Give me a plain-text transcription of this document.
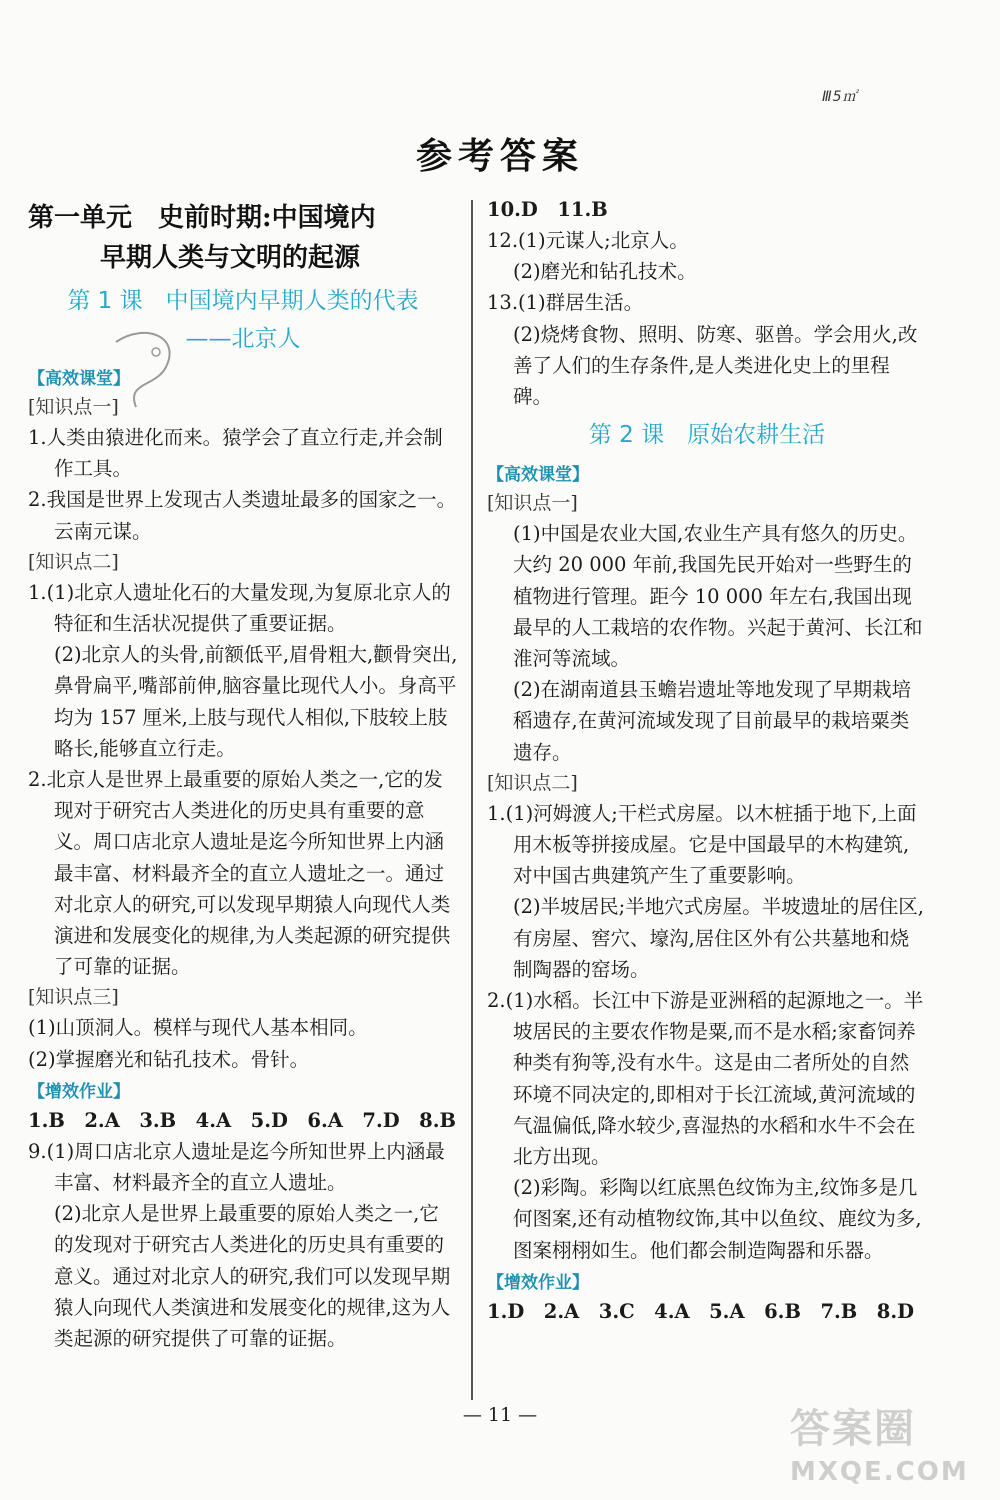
Ⅲ5㎡
参考答案
第一单元　史前时期:中国境内
早期人类与文明的起源
第 1 课　中国境内早期人类的代表
——北京人
【高效课堂】
[知识点一]

1.人类由猿进化而来。猿学会了直立行走,并会制作工具。

2.我国是世界上发现古人类遗址最多的国家之一。云南元谋。

[知识点二]

1.(1)北京人遗址化石的大量发现,为复原北京人的特征和生活状况提供了重要证据。

(2)北京人的头骨,前额低平,眉骨粗大,颧骨突出,鼻骨扁平,嘴部前伸,脑容量比现代人小。身高平均为 157 厘米,上肢与现代人相似,下肢较上肢略长,能够直立行走。

2.北京人是世界上最重要的原始人类之一,它的发现对于研究古人类进化的历史具有重要的意义。周口店北京人遗址是迄今所知世界上内涵最丰富、材料最齐全的直立人遗址之一。通过对北京人的研究,可以发现早期猿人向现代人类演进和发展变化的规律,为人类起源的研究提供了可靠的证据。

[知识点三]

(1)山顶洞人。模样与现代人基本相同。

(2)掌握磨光和钻孔技术。骨针。

【增效作业】
1.B　2.A　3.B　4.A　5.D　6.A　7.D　8.B

9.(1)周口店北京人遗址是迄今所知世界上内涵最丰富、材料最齐全的直立人遗址。

(2)北京人是世界上最重要的原始人类之一,它的发现对于研究古人类进化的历史具有重要的意义。通过对北京人的研究,我们可以发现早期猿人向现代人类演进和发展变化的规律,这为人类起源的研究提供了可靠的证据。

10.D　11.B

12.(1)元谋人;北京人。

(2)磨光和钻孔技术。

13.(1)群居生活。

(2)烧烤食物、照明、防寒、驱兽。学会用火,改善了人们的生存条件,是人类进化史上的里程碑。

第 2 课　原始农耕生活
【高效课堂】
[知识点一]

(1)中国是农业大国,农业生产具有悠久的历史。大约 20 000 年前,我国先民开始对一些野生的植物进行管理。距今 10 000 年左右,我国出现最早的人工栽培的农作物。兴起于黄河、长江和淮河等流域。

(2)在湖南道县玉蟾岩遗址等地发现了早期栽培稻遗存,在黄河流域发现了目前最早的栽培粟类遗存。

[知识点二]

1.(1)河姆渡人;干栏式房屋。以木桩插于地下,上面用木板等拼接成屋。它是中国最早的木构建筑,对中国古典建筑产生了重要影响。

(2)半坡居民;半地穴式房屋。半坡遗址的居住区,有房屋、窖穴、壕沟,居住区外有公共墓地和烧制陶器的窑场。

2.(1)水稻。长江中下游是亚洲稻的起源地之一。半坡居民的主要农作物是粟,而不是水稻;家畜饲养种类有狗等,没有水牛。这是由二者所处的自然环境不同决定的,即相对于长江流域,黄河流域的气温偏低,降水较少,喜湿热的水稻和水牛不会在北方出现。

(2)彩陶。彩陶以红底黑色纹饰为主,纹饰多是几何图案,还有动植物纹饰,其中以鱼纹、鹿纹为多,图案栩栩如生。他们都会制造陶器和乐器。

【增效作业】
1.D　2.A　3.C　4.A　5.A　6.B　7.B　8.D
— 11 —	答案圈
MXQE.COM
